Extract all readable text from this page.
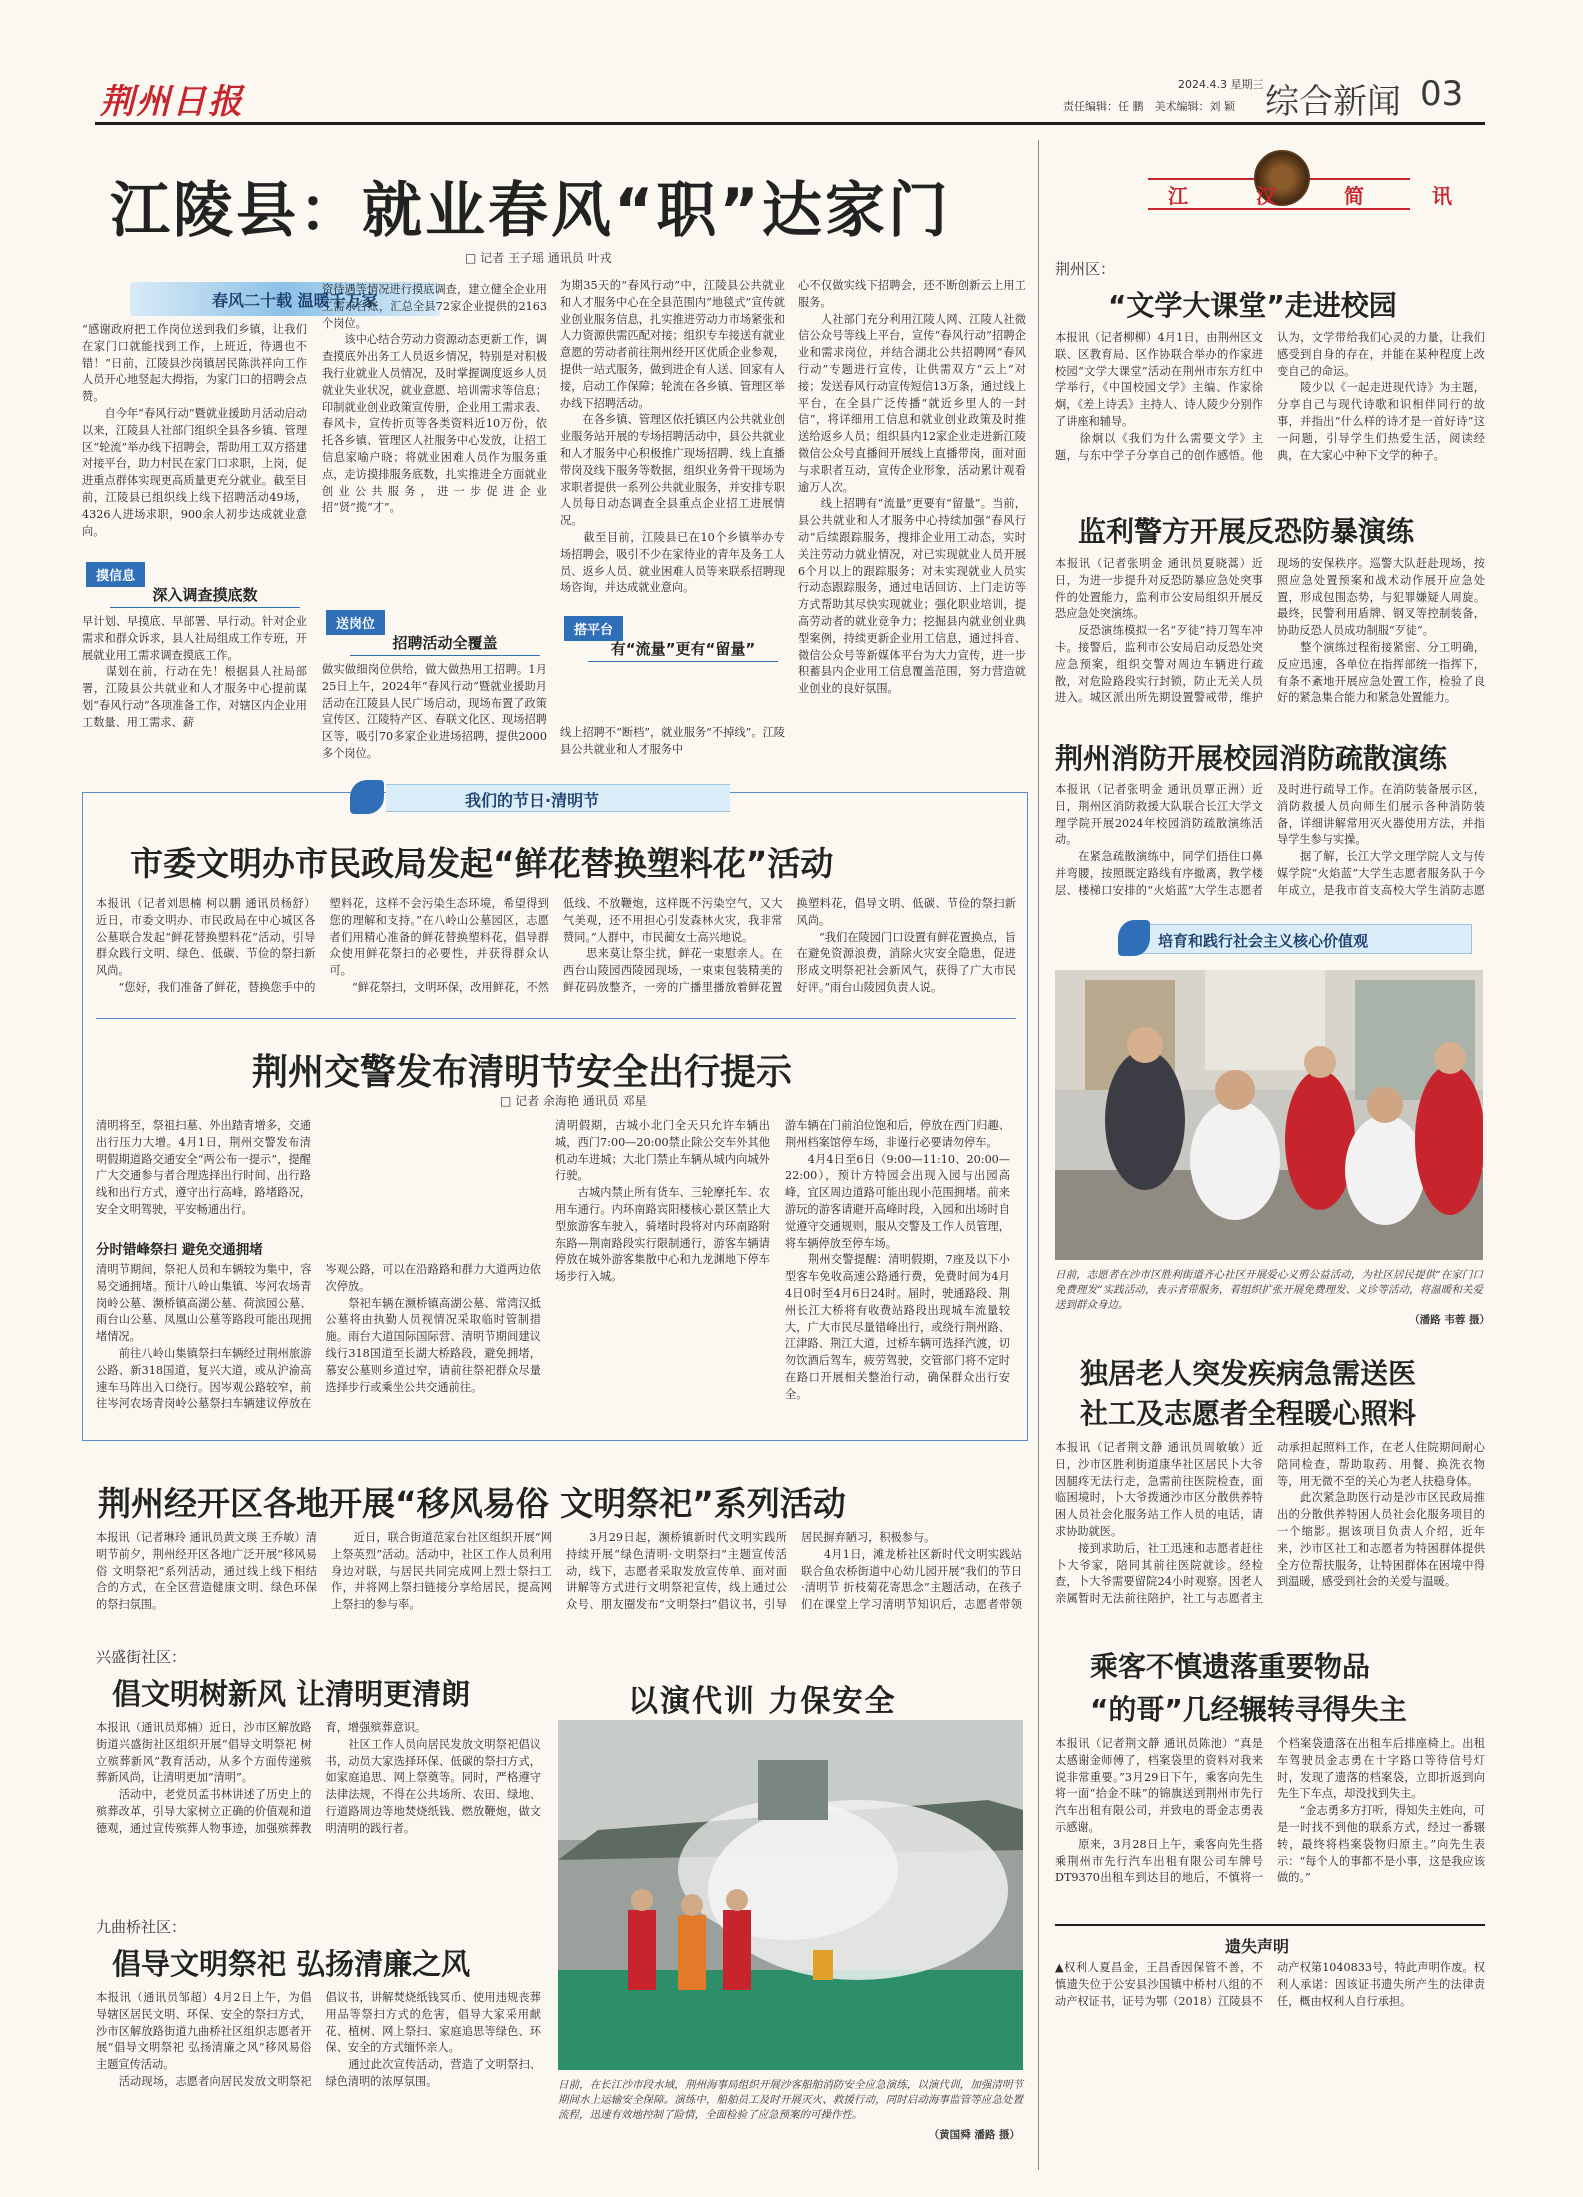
荆州日报	2024.4.3 星期三
责任编辑：任 鹏　美术编辑：刘 颖 综合新闻 03
江陵县：就业春风“职”达家门
□ 记者 王子瑶 通讯员 叶戎
春风二十载 温暖千万家
“感谢政府把工作岗位送到我们乡镇，让我们在家门口就能找到工作，上班近，待遇也不错！”日前，江陵县沙岗镇居民陈洪祥向工作人员开心地竖起大拇指，为家门口的招聘会点赞。
　　自今年“春风行动”暨就业援助月活动启动以来，江陵县人社部门组织全县各乡镇、管理区“轮流”举办线下招聘会，帮助用工双方搭建对接平台，助力村民在家门口求职，上岗，促进重点群体实现更高质量更充分就业。截至目前，江陵县已组织线上线下招聘活动49场，4326人进场求职，900余人初步达成就业意向。
摸信息
深入调查摸底数
早计划、早摸底、早部署、早行动。针对企业需求和群众诉求，县人社局组成工作专班，开展就业用工需求调查摸底工作。
　　谋划在前，行动在先！根据县人社局部署，江陵县公共就业和人才服务中心提前谋划“春风行动”各项准备工作，对辖区内企业用工数量、用工需求、薪
资待遇等情况进行摸底调查，建立健全企业用工需求台账，汇总全县72家企业提供的2163个岗位。
　　该中心结合劳动力资源动态更新工作，调查摸底外出务工人员返乡情况，特别是对积极我行业就业人员情况，及时掌握调度返乡人员就业失业状况，就业意愿、培训需求等信息；印制就业创业政策宣传册，企业用工需求表、春风卡，宣传折页等各类资料近10万份，依托各乡镇、管理区人社服务中心发放，让招工信息家喻户晓；将就业困难人员作为服务重点，走访摸排服务底数，扎实推进全方面就业创业公共服务，进一步促进企业招“贤”揽“才”。
送岗位
招聘活动全覆盖
做实做细岗位供给，做大做热用工招聘。1月25日上午，2024年“春风行动”暨就业援助月活动在江陵县人民广场启动，现场布置了政策宣传区、江陵特产区、春联文化区、现场招聘区等，吸引70多家企业进场招聘，提供2000多个岗位。
为期35天的“春风行动”中，江陵县公共就业和人才服务中心在全县范围内“地毯式”宣传就业创业服务信息，扎实推进劳动力市场紧张和人力资源供需匹配对接；组织专车接送有就业意愿的劳动者前往荆州经开区优质企业参观，提供一站式服务，做到进企有人送、回家有人接，启动工作保障；轮流在各乡镇、管理区举办线下招聘活动。
　　在各乡镇、管理区依托镇区内公共就业创业服务站开展的专场招聘活动中，县公共就业和人才服务中心积极推广现场招聘、线上直播带岗及线下服务等数据，组织业务骨干现场为求职者提供一系列公共就业服务，并安排专职人员每日动态调查全县重点企业招工进展情况。
　　截至目前，江陵县已在10个乡镇举办专场招聘会，吸引不少在家待业的青年及务工人员、返乡人员、就业困难人员等来联系招聘现场咨询，并达成就业意向。
搭平台
有“流量”更有“留量”
线上招聘不“断档”，就业服务“不掉线”。江陵县公共就业和人才服务中
心不仅做实线下招聘会，还不断创新云上用工服务。
　　人社部门充分利用江陵人网、江陵人社微信公众号等线上平台，宣传“春风行动”招聘企业和需求岗位，并结合湖北公共招聘网“春风行动”专题进行宣传，让供需双方“云上”对接；发送春风行动宣传短信13万条，通过线上平台，在全县广泛传播“就近乡里人的一封信”，将详细用工信息和就业创业政策及时推送给返乡人员；组织县内12家企业走进新江陵微信公众号直播间开展线上直播带岗，面对面与求职者互动，宣传企业形象，活动累计观看逾万人次。
　　线上招聘有“流量”更要有“留量”。当前，县公共就业和人才服务中心持续加强“春风行动”后续跟踪服务，搜排企业用工动态，实时关注劳动力就业情况，对已实现就业人员开展6个月以上的跟踪服务；对未实现就业人员实行动态跟踪服务，通过电话回访、上门走访等方式帮助其尽快实现就业；强化职业培训，提高劳动者的就业竞争力；挖掘县内就业创业典型案例，持续更新企业用工信息，通过抖音、微信公众号等新媒体平台为大力宣传，进一步积蓄县内企业用工信息覆盖范围，努力营造就业创业的良好氛围。
江汉简讯
荆州区：
“文学大课堂”走进校园
本报讯（记者柳柳）4月1日，由荆州区文联、区教育局、区作协联合举办的作家进校园“文学大课堂”活动在荆州市东方红中学举行，《中国校园文学》主编、作家徐炯，《差上诗丢》主持人、诗人陵少分别作了讲座和辅导。
　　徐炯以《我们为什么需要文学》主题，与东中学子分享自己的创作感悟。他认为，文学带给我们心灵的力量，让我们感受到自身的存在，并能在某种程度上改变自己的命运。
　　陵少以《一起走进现代诗》为主题，分享自己与现代诗歌和识相伴同行的故事，并指出“什么样的诗才是一首好诗”这一问题，引导学生们热爱生活，阅读经典，在大家心中种下文学的种子。
监利警方开展反恐防暴演练
本报讯（记者张明金 通讯员夏晓蒿）近日，为进一步提升对反恐防暴应急处突事件的处置能力，监利市公安局组织开展反恐应急处突演练。
　　反恐演练模拟一名“歹徒”持刀驾车冲卡。接警后，监利市公安局启动反恐处突应急预案，组织交警对周边车辆进行疏散，对危险路段实行封锁，防止无关人员进入。城区派出所先期设置警戒带，维护现场的安保秩序。巡警大队赶赴现场，按照应急处置预案和战术动作展开应急处置，形成包围态势，与犯罪嫌疑人周旋。最终，民警利用盾牌、钢叉等控制装备，协助反恐人员成功制服“歹徒”。
　　整个演练过程衔接紧密、分工明确，反应迅速，各单位在指挥部统一指挥下，有条不紊地开展应急处置工作，检验了良好的紧急集合能力和紧急处置能力。
荆州消防开展校园消防疏散演练
本报讯（记者张明金 通讯员覃正洲）近日，荆州区消防救援大队联合长江大学文理学院开展2024年校园消防疏散演练活动。
　　在紧急疏散演练中，同学们捂住口鼻并弯腰，按照既定路线有序撤离，教学楼层、楼梯口安排的“火焰蓝”大学生志愿者及时进行疏导工作。在消防装备展示区，消防救援人员向师生们展示各种消防装备，详细讲解常用灭火器使用方法，并指导学生参与实操。
　　据了解，长江大学文理学院人文与传媒学院“火焰蓝”大学生志愿者服务队于今年成立，是我市首支高校大学生消防志愿
培育和践行社会主义核心价值观
日前，志愿者在沙市区胜利街道齐心社区开展爱心义剪公益活动，为社区居民提供“在家门口免费理发”实践活动，表示者带服务，着组织扩张开展免费理发、义诊等活动，将温暖和关爱送到群众身边。
（潘路 韦蓉 摄）
独居老人突发疾病急需送医
社工及志愿者全程暖心照料
本报讯（记者荆文静 通讯员周敏敏）近日，沙市区胜利街道康华社区居民卜大爷因腿疼无法行走，急需前往医院检查，面临困境时，卜大爷拨通沙市区分散供养特困人员社会化服务站工作人员的电话，请求协助就医。
　　接到求助后，社工迅速和志愿者赶往卜大爷家，陪同其前往医院就诊。经检查，卜大爷需要留院24小时观察。因老人亲属暂时无法前往陪护，社工与志愿者主动承担起照料工作，在老人住院期间耐心陪同检查，帮助取药、用餐、换洗衣物等，用无微不至的关心为老人扶稳身体。
　　此次紧急助医行动是沙市区民政局推出的分散供养特困人员社会化服务项目的一个缩影。据该项目负责人介绍，近年来，沙市区社工和志愿者为特困群体提供全方位帮扶服务，让特困群体在困境中得到温暖，感受到社会的关爱与温暖。
乘客不慎遗落重要物品
“的哥”几经辗转寻得失主
本报讯（记者荆文静 通讯员陈池）“真是太感谢金师傅了，档案袋里的资料对我来说非常重要。”3月29日下午，乘客向先生将一面“拾金不昧”的锦旗送到荆州市先行汽车出租有限公司，并致电的哥金志勇表示感谢。
　　原来，3月28日上午，乘客向先生搭乘荆州市先行汽车出租有限公司车牌号DT9370出租车到达目的地后，不慎将一个档案袋遗落在出租车后排座椅上。出租车驾驶员金志勇在十字路口等待信号灯时，发现了遗落的档案袋，立即折返到向先生下车点，却没找到失主。
　　“金志勇多方打听，得知失主姓向，可是一时找不到他的联系方式，经过一番辗转，最终将档案袋物归原主。”向先生表示：“每个人的事都不是小事，这是我应该做的。”
遗失声明
▲权利人夏昌金，王昌香因保管不善，不慎遗失位于公安县沙国镇中桥村八组的不动产权证书，证号为鄂（2018）江陵县不动产权第1040833号，特此声明作废。权利人承诺：因该证书遗失所产生的法律责任，概由权利人自行承担。
我们的节日·清明节
市委文明办市民政局发起“鲜花替换塑料花”活动
本报讯（记者刘思楠 柯以鹏 通讯员杨舒）近日，市委文明办、市民政局在中心城区各公墓联合发起“鲜花替换塑料花”活动，引导群众践行文明、绿色、低碳、节俭的祭扫新风尚。
　　“您好，我们准备了鲜花，替换您手中的塑料花，这样不会污染生态环境，希望得到您的理解和支持。”在八岭山公墓园区，志愿者们用精心准备的鲜花替换塑料花，倡导群众使用鲜花祭扫的必要性，并获得群众认可。
　　“鲜花祭扫，文明环保，改用鲜花，不然低线、不放鞭炮，这样既不污染空气，又大气美观，还不用担心引发森林火灾，我非常赞同。”人群中，市民蔺女士高兴地说。
　　思来莫让祭尘扰，鲜花一束慰亲人。在西台山陵园西陵园现场，一束束包装精美的鲜花码放整齐，一旁的广播里播放着鲜花置换塑料花，倡导文明、低碳、节俭的祭扫新风尚。
　　“我们在陵园门口设置有鲜花置换点，旨在避免资源浪费，消除火灾安全隐患，促进形成文明祭祀社会新风气，获得了广大市民好评。”雨台山陵园负责人说。
荆州交警发布清明节安全出行提示
□ 记者 余海艳 通讯员 邓星
清明将至，祭祖扫墓、外出踏青增多，交通出行压力大增。4月1日，荆州交警发布清明假期道路交通安全“两公布一提示”，提醒广大交通参与者合理选择出行时间、出行路线和出行方式，遵守出行高峰，路堵路况，安全文明驾驶，平安畅通出行。
分时错峰祭扫 避免交通拥堵
清明节期间，祭祀人员和车辆较为集中，容易交通拥堵。预计八岭山集镇、岑河农场青岗岭公墓、濒桥镇高湖公墓、荷滨园公墓、雨台山公墓、凤凰山公墓等路段可能出现拥堵情况。
　　前往八岭山集镇祭扫车辆经过荆州旅游公路、新318国道，复兴大道，或从沪渝高速车马阵出入口绕行。因岑观公路较窄，前往岑河农场青岗岭公墓祭扫车辆建议停放在岑观公路，可以在沿路路和群力大道两边依次停放。
　　祭祀车辆在濒桥镇高湖公墓、常湾汉抵公墓将由执勤人员视情况采取临时管制措施。雨台大道国际国际营、清明节期间建议线行318国道至长湖大桥路段，避免拥堵，慕安公墓则乡道过窄，请前往祭祀群众尽量选择步行或乘坐公共交通前往。
清明假期，古城小北门全天只允许车辆出城，西门7:00—20:00禁止除公交车外其他机动车进城；大北门禁止车辆从城内向城外行驶。
　　古城内禁止所有货车、三轮摩托车、农用车通行。内环南路宾阳楼核心景区禁止大型旅游客车驶入，骑堵时段将对内环南路附东路—荆南路段实行限制通行，游客车辆请停放在城外游客集散中心和九龙渊地下停车场步行入城。
游车辆在门前泊位饱和后，停放在西门归趣、荆州档案馆停车场，非谨行必要请勿停车。
　　4月4日至6日（9:00—11:10、20:00—22:00），预计方特园会出现入园与出园高峰，宜区周边道路可能出现小范围拥堵。前来游玩的游客请避开高峰时段，入园和出场时自觉遵守交通规则，服从交警及工作人员管理，将车辆停放至停车场。
　　荆州交警提醒：清明假期，7座及以下小型客车免收高速公路通行费，免费时间为4月4日0时至4月6日24时。届时，驶通路段、荆州长江大桥将有收费站路段出现城车流量较大，广大市民尽量错峰出行，或绕行荆州路、江津路、荆江大道，过桥车辆可选择汽渡，切勿饮酒后驾车，疲劳驾驶，交管部门将不定时在路口开展相关整治行动，确保群众出行安全。
荆州经开区各地开展“移风易俗 文明祭祀”系列活动
本报讯（记者琳玲 通讯员黄文瑛 王乔敏）清明节前夕，荆州经开区各地广泛开展“移风易俗 文明祭祀”系列活动，通过线上线下相结合的方式，在全区营造健康文明、绿色环保的祭扫氛围。
　　近日，联合街道范家台社区组织开展“网上祭英烈”活动。活动中，社区工作人员利用身边对联，与居民共同完成网上烈士祭扫工作，并将网上祭扫链接分享给居民，提高网上祭扫的参与率。
　　3月29日起，濒桥镇新时代文明实践所持续开展“绿色清明·文明祭扫”主题宣传活动，线下，志愿者采取发放宣传单、面对面讲解等方式进行文明祭祀宣传，线上通过公众号、朋友圈发布“文明祭扫”倡议书，引导居民摒弃陋习，积极参与。
　　4月1日，滩龙桥社区新时代文明实践站联合鱼农桥街道中心幼儿园开展“我们的节日·清明节 折枝菊花寄思念”主题活动，在孩子们在课堂上学习清明节知识后，志愿者带领
兴盛街社区：
倡文明树新风 让清明更清朗
本报讯（通讯员郑楠）近日，沙市区解放路街道兴盛街社区组织开展“倡导文明祭祀 树立殡葬新风”教育活动，从多个方面传递殡葬新风尚，让清明更加“清明”。
　　活动中，老党员孟书林讲述了历史上的殡葬改革，引导大家树立正确的价值观和道德观，通过宣传殡葬人物事迹，加强殡葬教育，增强殡葬意识。
　　社区工作人员向居民发放文明祭祀倡议书，动员大家选择环保、低碳的祭扫方式，如家庭追思、网上祭奠等。同时，严格遵守法律法规，不得在公共场所、农田、绿地、行道路周边等地焚烧纸钱、燃放鞭炮，做文明清明的践行者。
九曲桥社区：
倡导文明祭祀 弘扬清廉之风
本报讯（通讯员邹超）4月2日上午，为倡导辖区居民文明、环保、安全的祭扫方式，沙市区解放路街道九曲桥社区组织志愿者开展“倡导文明祭祀 弘扬清廉之风”移风易俗主题宣传活动。
　　活动现场，志愿者向居民发放文明祭祀倡议书，讲解焚烧纸钱冥币、使用违规丧葬用品等祭扫方式的危害，倡导大家采用献花、植树、网上祭扫、家庭追思等绿色、环保、安全的方式缅怀亲人。
　　通过此次宣传活动，营造了文明祭扫、绿色清明的浓厚氛围。
以演代训 力保安全
日前，在长江沙市段水域，荆州海事局组织开展沙客船舶消防安全应急演练，以演代训，加强清明节期间水上运输安全保障。演练中，船舶员工及时开展灭火、救援行动，同时启动海事监管等应急处置流程，迅速有效地控制了险情，全面检验了应急预案的可操作性。
（黄国舜 潘路 摄）
